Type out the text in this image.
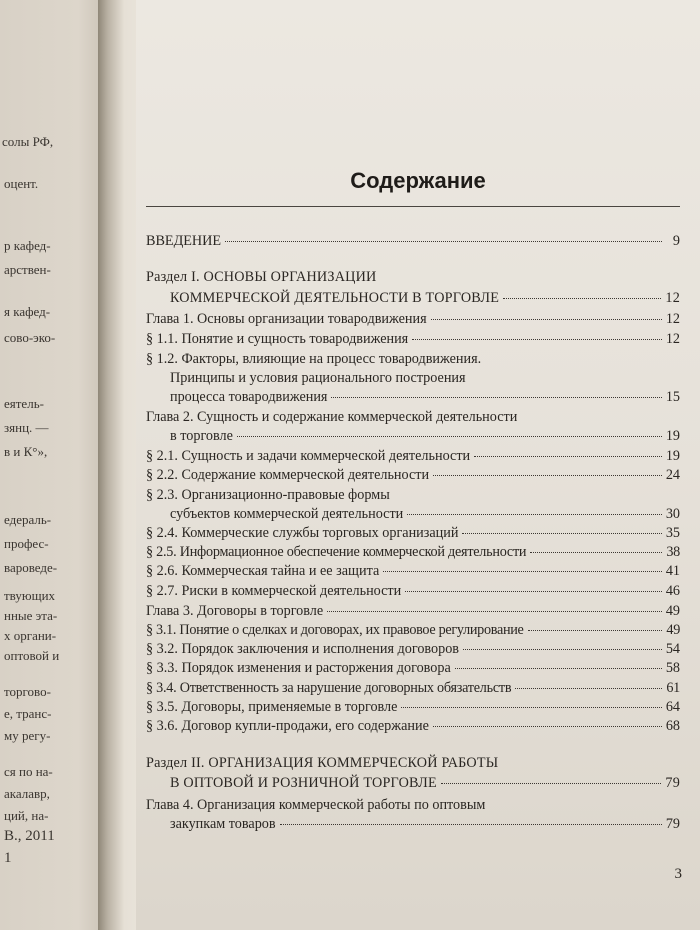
солы РФ,
оцент.
р кафед-
арствен-
я кафед-
сово-эко-
еятель-
зянц. —
в и К°»,
едераль-
профес-
вароведе-
твующих
нные эта-
х органи-
оптовой и
торгово-
е, транс-
му регу-
ся по на-
акалавр,
ций, на-
В., 2011
1
Содержание
ВВЕДЕНИЕ	9
Раздел I. ОСНОВЫ ОРГАНИЗАЦИИ
КОММЕРЧЕСКОЙ ДЕЯТЕЛЬНОСТИ В ТОРГОВЛЕ	12
Глава 1. Основы организации товародвижения	12
§ 1.1. Понятие и сущность товародвижения	12
§ 1.2. Факторы, влияющие на процесс товародвижения.
Принципы и условия рационального построения
процесса товародвижения	15
Глава 2. Сущность и содержание коммерческой деятельности
в торговле	19
§ 2.1. Сущность и задачи коммерческой деятельности	19
§ 2.2. Содержание коммерческой деятельности	24
§ 2.3. Организационно-правовые формы
субъектов коммерческой деятельности	30
§ 2.4. Коммерческие службы торговых организаций	35
§ 2.5. Информационное обеспечение коммерческой деятельности	38
§ 2.6. Коммерческая тайна и ее защита	41
§ 2.7. Риски в коммерческой деятельности	46
Глава 3. Договоры в торговле	49
§ 3.1. Понятие о сделках и договорах, их правовое регулирование	49
§ 3.2. Порядок заключения и исполнения договоров	54
§ 3.3. Порядок изменения и расторжения договора	58
§ 3.4. Ответственность за нарушение договорных обязательств	61
§ 3.5. Договоры, применяемые в торговле	64
§ 3.6. Договор купли-продажи, его содержание	68
Раздел II. ОРГАНИЗАЦИЯ КОММЕРЧЕСКОЙ РАБОТЫ
В ОПТОВОЙ И РОЗНИЧНОЙ ТОРГОВЛЕ	79
Глава 4. Организация коммерческой работы по оптовым
закупкам товаров	79
3
